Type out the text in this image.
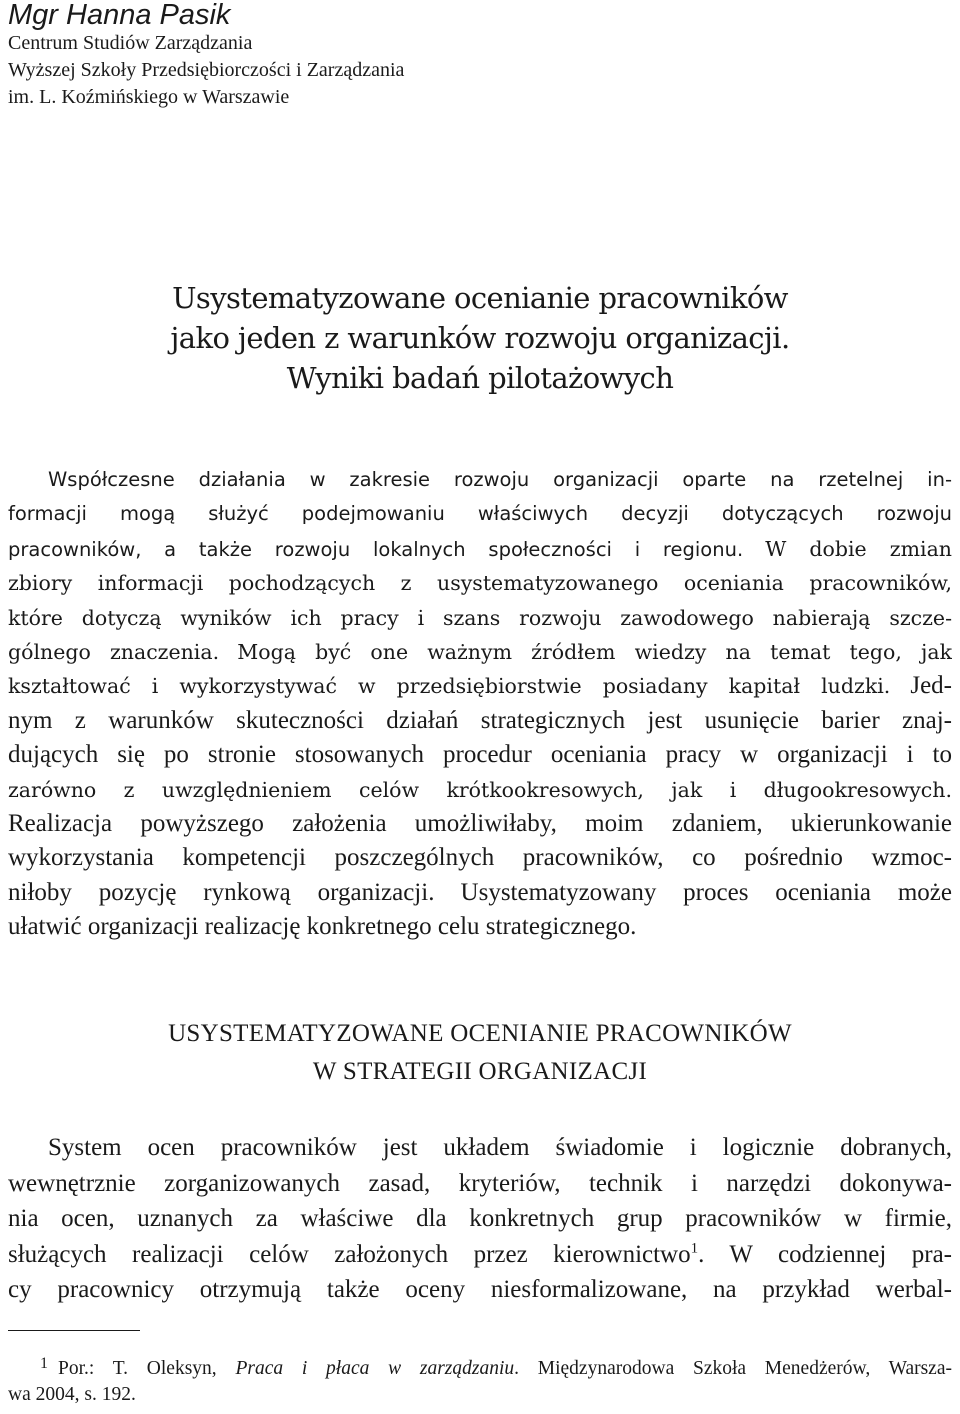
Mgr Hanna Pasik

Centrum Studiów Zarządzania

Wyższej Szkoły Przedsiębiorczości i Zarządzania

im. L. Koźmińskiego w Warszawie

Usystematyzowane ocenianie pracowników

jako jeden z warunków rozwoju organizacji.

Wyniki badań pilotażowych

Współczesne działania w zakresie rozwoju organizacji oparte na rzetelnej in-
formacji mogą służyć podejmowaniu właściwych decyzji dotyczących rozwoju
pracowników, a także rozwoju lokalnych społeczności i regionu. W dobie zmian
zbiory informacji pochodzących z usystematyzowanego oceniania pracowników,
które dotyczą wyników ich pracy i szans rozwoju zawodowego nabierają szcze-
gólnego znaczenia. Mogą być one ważnym źródłem wiedzy na temat tego, jak
kształtować i wykorzystywać w przedsiębiorstwie posiadany kapitał ludzki. Jed-
nym z warunków skuteczności działań strategicznych jest usunięcie barier znaj-
dujących się po stronie stosowanych procedur oceniania pracy w organizacji i to
zarówno z uwzględnieniem celów krótkookresowych, jak i długookresowych.
Realizacja powyższego założenia umożliwiłaby, moim zdaniem, ukierunkowanie
wykorzystania kompetencji poszczególnych pracowników, co pośrednio wzmoc-
niłoby pozycję rynkową organizacji. Usystematyzowany proces oceniania może
ułatwić organizacji realizację konkretnego celu strategicznego.
USYSTEMATYZOWANE OCENIANIE PRACOWNIKÓW
W STRATEGII ORGANIZACJI
System ocen pracowników jest układem świadomie i logicznie dobranych,
wewnętrznie zorganizowanych zasad, kryteriów, technik i narzędzi dokonywa-
nia ocen, uznanych za właściwe dla konkretnych grup pracowników w firmie,
służących realizacji celów założonych przez kierownictwo$^1$. W codziennej pra-
cy pracownicy otrzymują także oceny niesformalizowane, na przykład werbal-
$^1$ Por.: T. Oleksyn, Praca i płaca w zarządzaniu. Międzynarodowa Szkoła Menedżerów, Warsza-
wa 2004, s. 192.
